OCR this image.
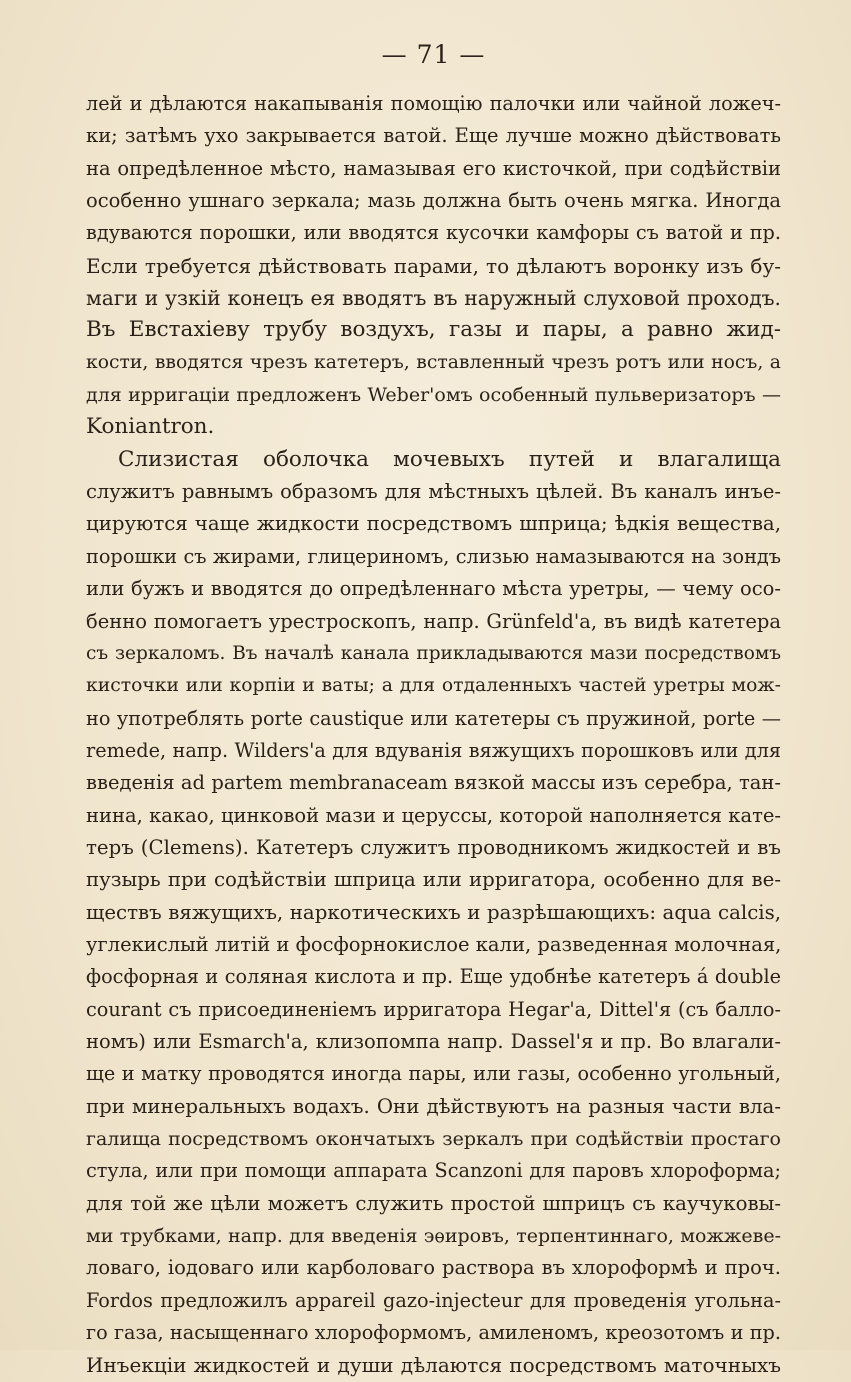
— 71 —
лей и дѣлаются накапыванія помощію палочки или чайной ложеч-
ки; затѣмъ ухо закрывается ватой. Еще лучше можно дѣйствовать
на опредѣленное мѣсто, намазывая его кисточкой, при содѣйствіи
особенно ушнаго зеркала; мазь должна быть очень мягка. Иногда
вдуваются порошки, или вводятся кусочки камфоры съ ватой и пр.
Если требуется дѣйствовать парами, то дѣлаютъ воронку изъ бу-
маги и узкій конецъ ея вводятъ въ наружный слуховой проходъ.
Въ Евстахіеву трубу воздухъ, газы и пары, а равно жид-
кости, вводятся чрезъ катетеръ, вставленный чрезъ ротъ или носъ, а
для ирригаціи предложенъ Weber'омъ особенный пульверизаторъ —
Koniantron.
Слизистая оболочка мочевыхъ путей и влагалища
служитъ равнымъ образомъ для мѣстныхъ цѣлей. Въ каналъ инъе-
цируются чаще жидкости посредствомъ шприца; ѣдкія вещества,
порошки съ жирами, глицериномъ, слизью намазываются на зондъ
или бужъ и вводятся до опредѣленнаго мѣста уретры, — чему осо-
бенно помогаетъ урестроскопъ, напр. Grünfeld'а, въ видѣ катетера
съ зеркаломъ. Въ началѣ канала прикладываются мази посредствомъ
кисточки или корпіи и ваты; а для отдаленныхъ частей уретры мож-
но употреблять porte caustique или катетеры съ пружиной, porte —
remede, напр. Wilders'а для вдуванія вяжущихъ порошковъ или для
введенія ad partem membranaceam вязкой массы изъ серебра, тан-
нина, какао, цинковой мази и церуссы, которой наполняется кате-
теръ (Clemens). Катетеръ служитъ проводникомъ жидкостей и въ
пузырь при содѣйствіи шприца или ирригатора, особенно для ве-
ществъ вяжущихъ, наркотическихъ и разрѣшающихъ: aqua calcis,
углекислый литій и фосфорнокислое кали, разведенная молочная,
фосфорная и соляная кислота и пр. Еще удобнѣе катетеръ á double
courant съ присоединеніемъ ирригатора Hegar'а, Dittel'я (съ балло-
номъ) или Esmarch'а, клизопомпа напр. Dassel'я и пр. Во влагали-
ще и матку проводятся иногда пары, или газы, особенно угольный,
при минеральныхъ водахъ. Они дѣйствуютъ на разныя части вла-
галища посредствомъ окончатыхъ зеркалъ при содѣйствіи простаго
стула, или при помощи аппарата Scanzoni для паровъ хлороформа;
для той же цѣли можетъ служить простой шприцъ съ каучуковы-
ми трубками, напр. для введенія эѳировъ, терпентиннаго, можжеве-
ловаго, іодоваго или карболоваго раствора въ хлороформѣ и проч.
Fordos предложилъ appareil gazo-injecteur для проведенія угольна-
го газа, насыщеннаго хлороформомъ, амиленомъ, креозотомъ и пр.
Инъекціи жидкостей и души дѣлаются посредствомъ маточныхъ
